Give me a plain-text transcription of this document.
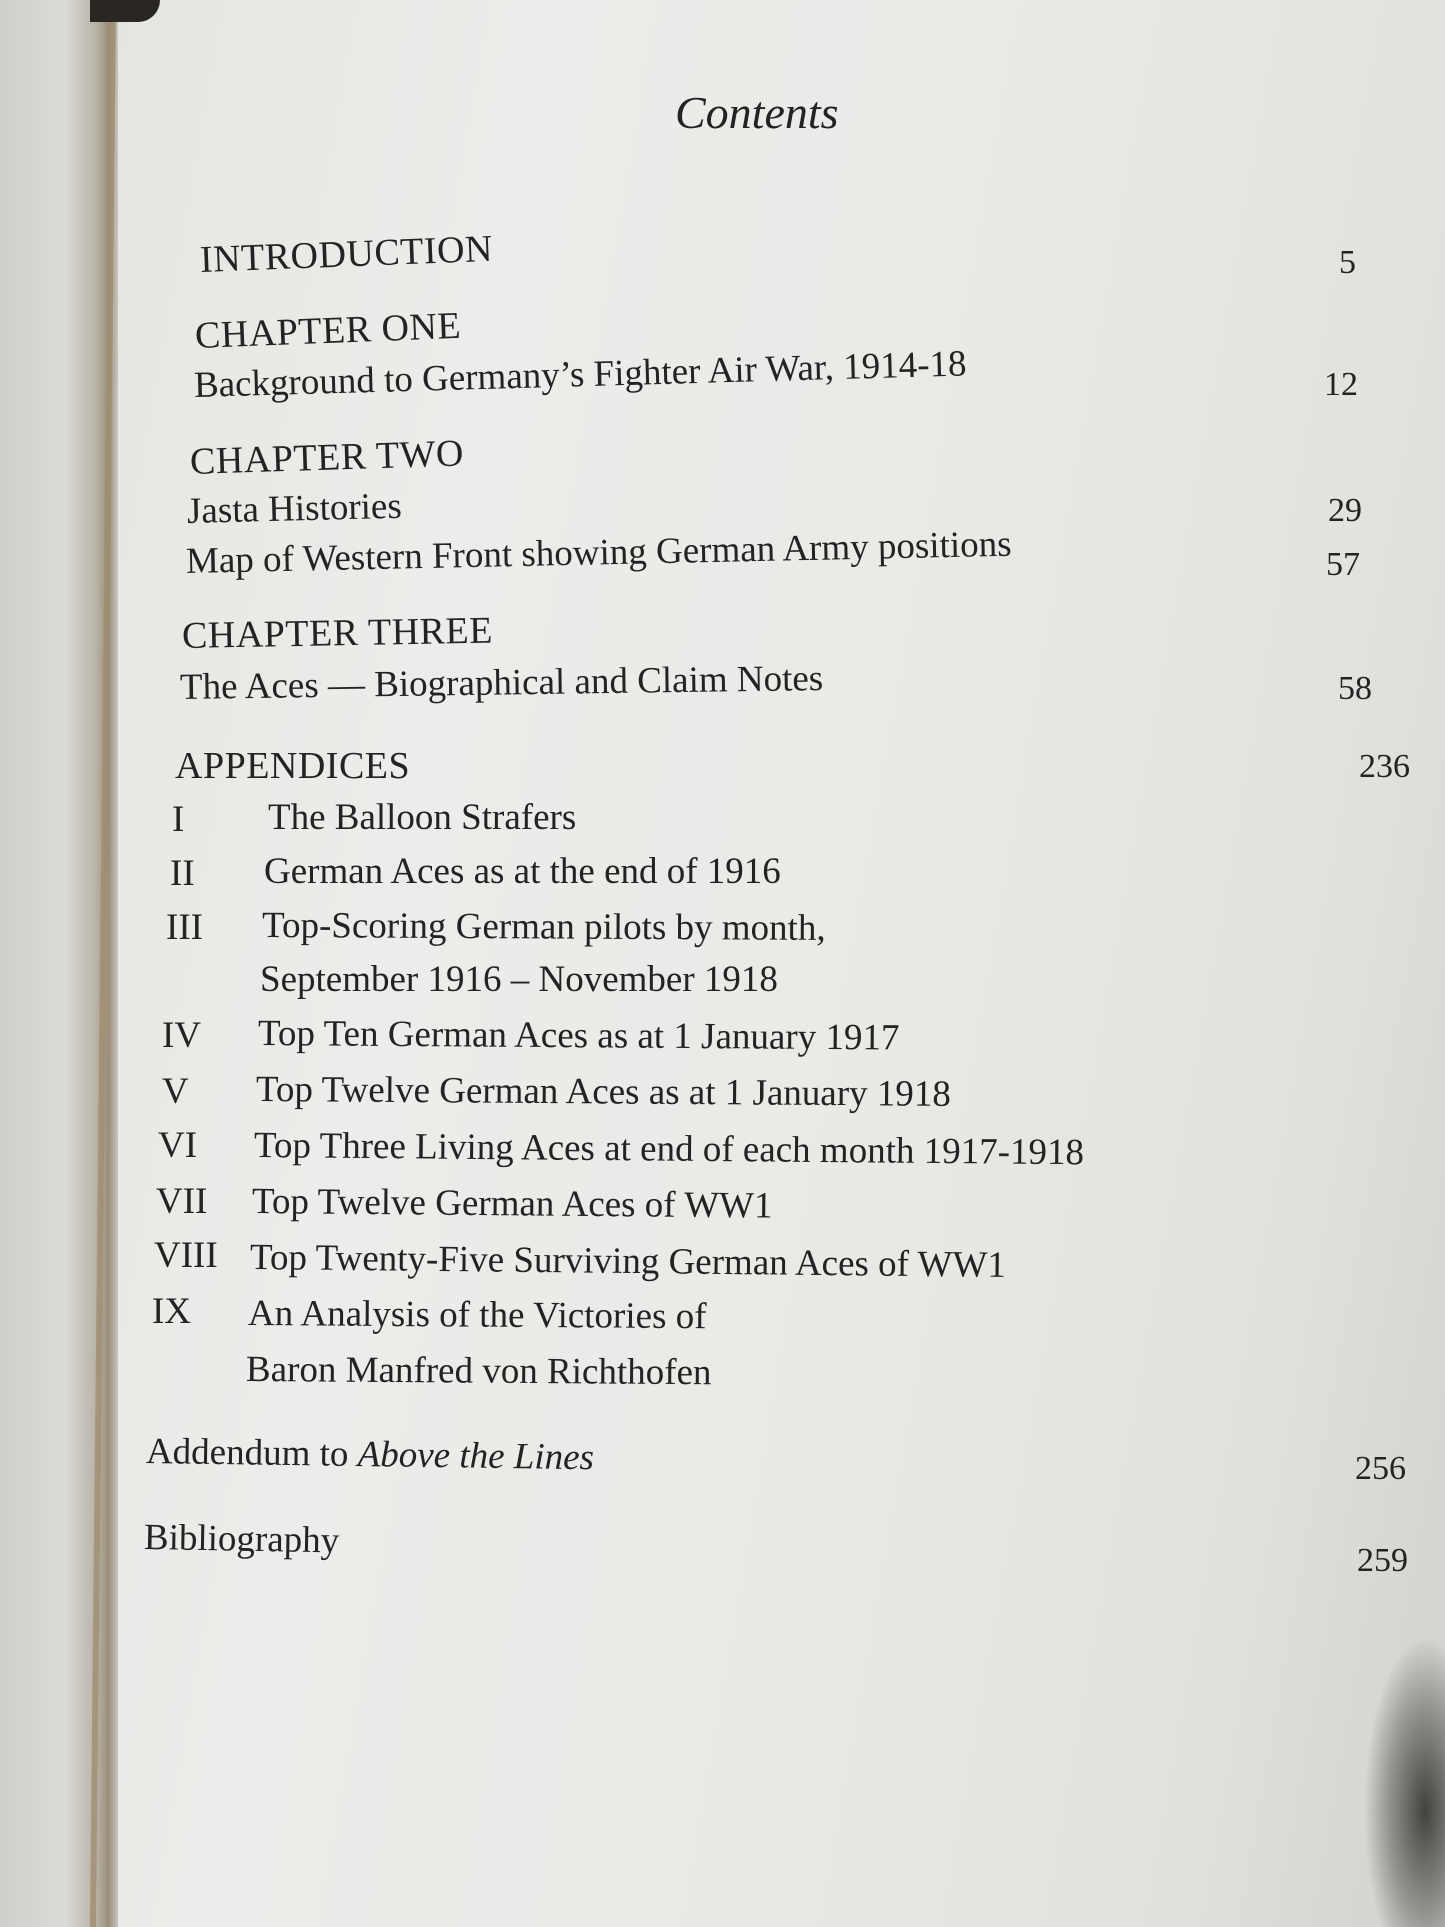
Contents
INTRODUCTION	5
CHAPTER ONE
Background to Germany’s Fighter Air War, 1914-18	12
CHAPTER TWO
Jasta Histories	29
Map of Western Front showing German Army positions	57
CHAPTER THREE
The Aces — Biographical and Claim Notes	58
APPENDICES	236
I The Balloon Strafers
II German Aces as at the end of 1916
III Top-Scoring German pilots by month,
September 1916 – November 1918
IV Top Ten German Aces as at 1 January 1917
V Top Twelve German Aces as at 1 January 1918
VI Top Three Living Aces at end of each month 1917-1918
VII Top Twelve German Aces of WW1
VIII Top Twenty-Five Surviving German Aces of WW1
IX An Analysis of the Victories of
Baron Manfred von Richthofen
Addendum to Above the Lines	256
Bibliography	259
